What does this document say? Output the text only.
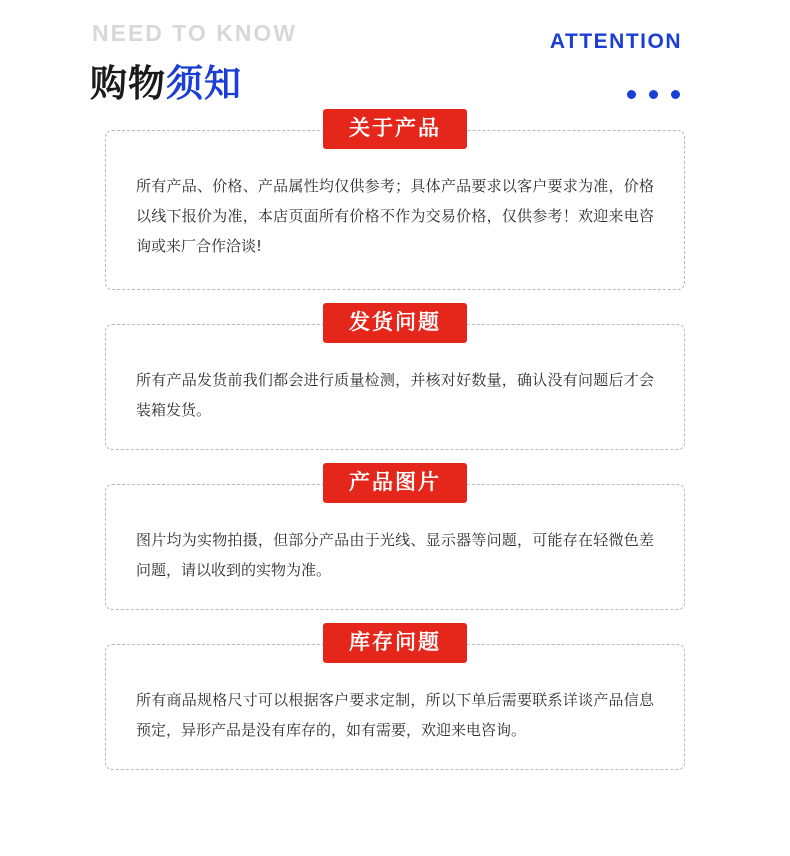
NEED TO KNOW
购物须知
ATTENTION
关于产品

所有产品、价格、产品属性均仅供参考；具体产品要求以客户要求为准，价格以线下报价为准，本店页面所有价格不作为交易价格，仅供参考！欢迎来电咨询或来厂合作洽谈!

发货问题

所有产品发货前我们都会进行质量检测，并核对好数量，确认没有问题后才会装箱发货。

产品图片

图片均为实物拍摄，但部分产品由于光线、显示器等问题，可能存在轻微色差问题，请以收到的实物为准。

库存问题

所有商品规格尺寸可以根据客户要求定制，所以下单后需要联系详谈产品信息预定，异形产品是没有库存的，如有需要，欢迎来电咨询。
